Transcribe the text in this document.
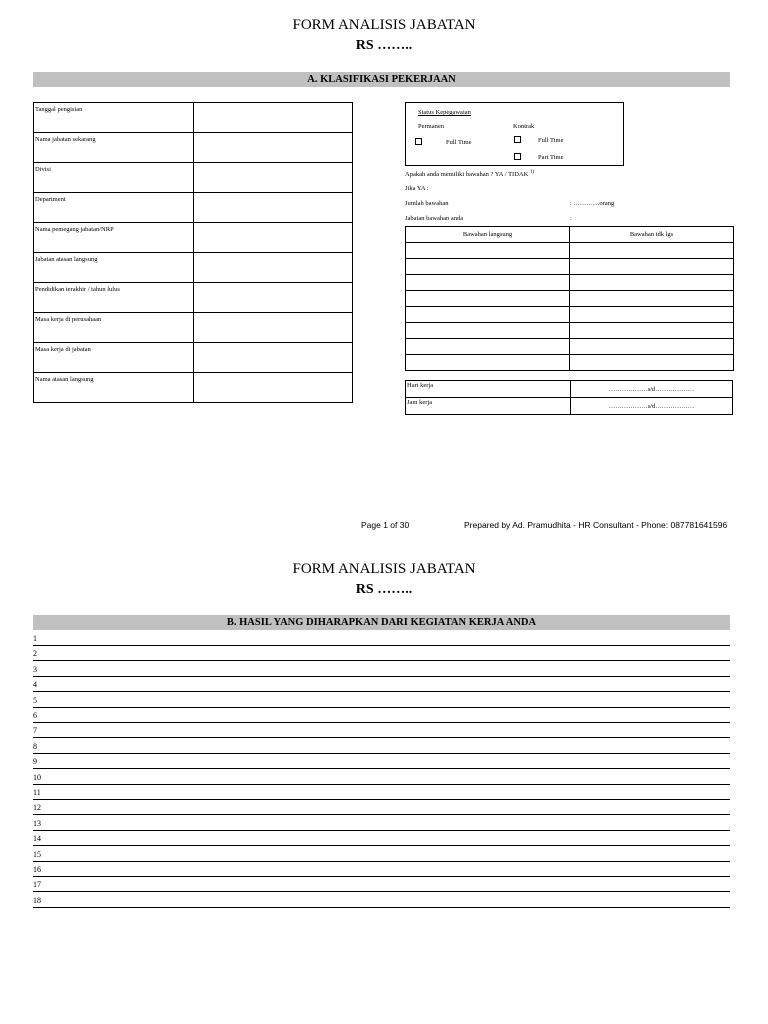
FORM ANALISIS JABATAN
RS ……..
A. KLASIFIKASI PEKERJAAN
Tanggal pengisian	
Nama jabatan sekarang	
Divisi	
Department	
Nama pemegang jabatan/NRP	
Jabatan atasan langsung	
Pendidikan terakhir / tahun lulus	
Masa kerja di perusahaan	
Masa kerja di jabatan	
Nama atasan langsung	
Status Kepegawaian
Permanen	Kontrak
Full Time	Full Time
Part Time
Apakah anda memiliki bawahan ? YA / TIDAK $^{1)}$
Jika YA :
Jumlah bawahan	: …………orang
Jabatan bawahan anda	:
Bawahan langsung	Bawahan tdk lgs

Hari kerja	………………s/d………………
Jam kerja	………………s/d………………
Page 1 of 30	Prepared by Ad. Pramudhita - HR Consultant - Phone: 087781641596
FORM ANALISIS JABATAN
RS ……..
B. HASIL YANG DIHARAPKAN DARI KEGIATAN KERJA ANDA
1
2
3
4
5
6
7
8
9
10
11
12
13
14
15
16
17
18
